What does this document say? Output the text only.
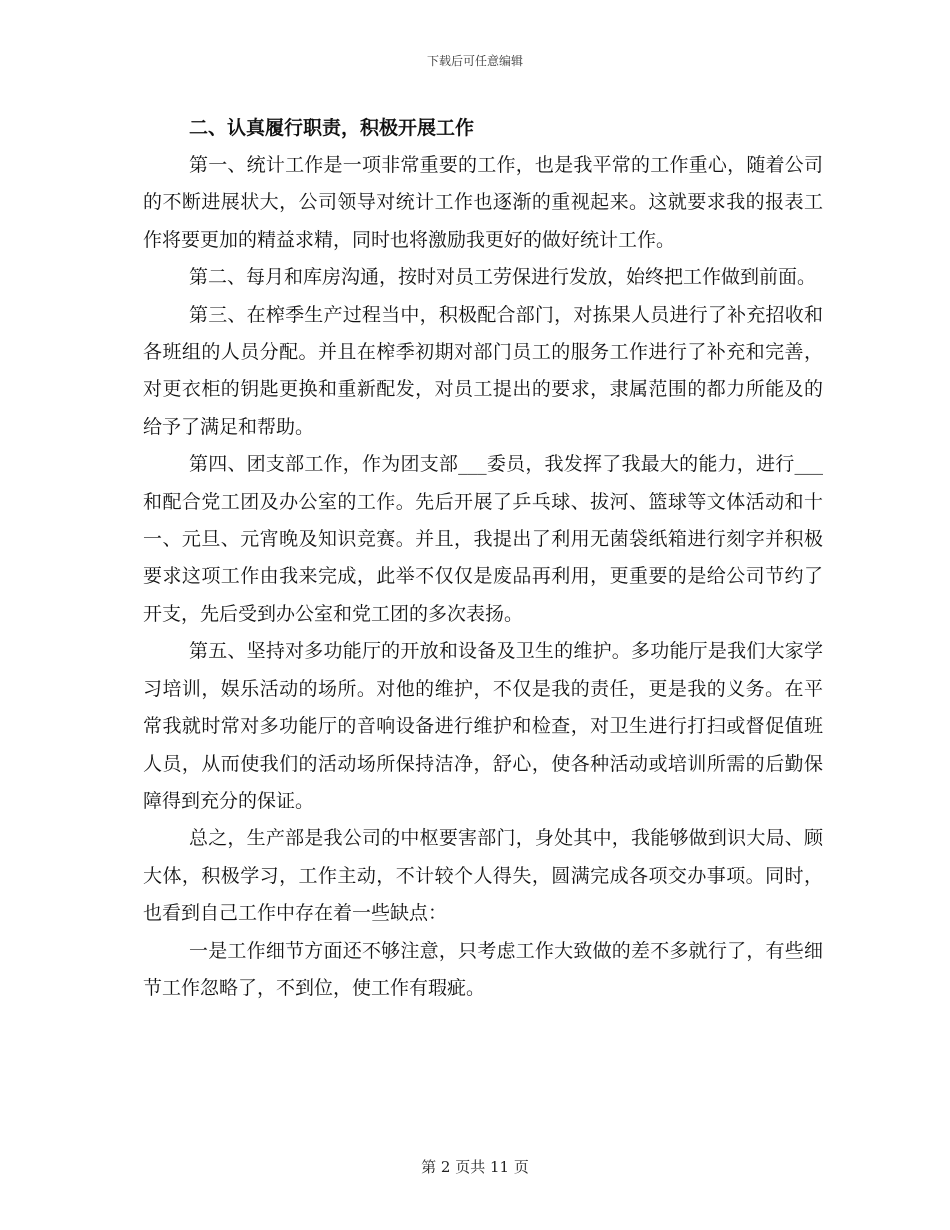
下载后可任意编辑
二、认真履行职责，积极开展工作

第一、统计工作是一项非常重要的工作，也是我平常的工作重心，随着公司的不断进展状大，公司领导对统计工作也逐渐的重视起来。这就要求我的报表工作将要更加的精益求精，同时也将激励我更好的做好统计工作。

第二、每月和库房沟通，按时对员工劳保进行发放，始终把工作做到前面。

第三、在榨季生产过程当中，积极配合部门，对拣果人员进行了补充招收和各班组的人员分配。并且在榨季初期对部门员工的服务工作进行了补充和完善，对更衣柜的钥匙更换和重新配发，对员工提出的要求，隶属范围的都力所能及的给予了满足和帮助。

第四、团支部工作，作为团支部___委员，我发挥了我最大的能力，进行___和配合党工团及办公室的工作。先后开展了乒乓球、拔河、篮球等文体活动和十一、元旦、元宵晚及知识竞赛。并且，我提出了利用无菌袋纸箱进行刻字并积极要求这项工作由我来完成，此举不仅仅是废品再利用，更重要的是给公司节约了开支，先后受到办公室和党工团的多次表扬。

第五、坚持对多功能厅的开放和设备及卫生的维护。多功能厅是我们大家学习培训，娱乐活动的场所。对他的维护，不仅是我的责任，更是我的义务。在平常我就时常对多功能厅的音响设备进行维护和检查，对卫生进行打扫或督促值班人员，从而使我们的活动场所保持洁净，舒心，使各种活动或培训所需的后勤保障得到充分的保证。

总之，生产部是我公司的中枢要害部门，身处其中，我能够做到识大局、顾大体，积极学习，工作主动，不计较个人得失，圆满完成各项交办事项。同时，也看到自己工作中存在着一些缺点：

一是工作细节方面还不够注意，只考虑工作大致做的差不多就行了，有些细节工作忽略了，不到位，使工作有瑕疵。

第 2 页共 11 页
